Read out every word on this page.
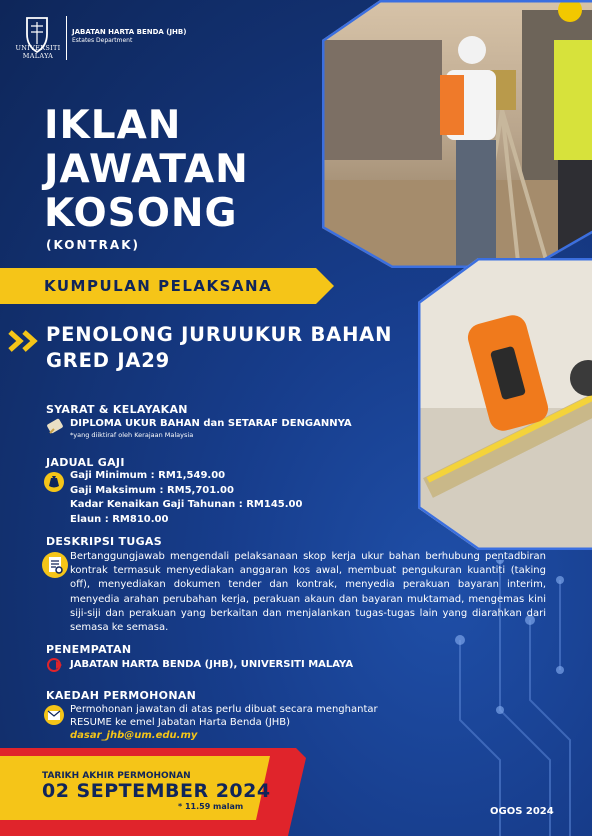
UNIVERSITI
MALAYA
JABATAN HARTA BENDA (JHB)
Estates Department
IKLAN
JAWATAN
KOSONG
(KONTRAK)
KUMPULAN PELAKSANA
PENOLONG JURUUKUR BAHAN
GRED JA29
SYARAT & KELAYAKAN
DIPLOMA UKUR BAHAN dan SETARAF DENGANNYA
*yang diiktiraf oleh Kerajaan Malaysia
JADUAL GAJI
Gaji Minimum : RM1,549.00
Gaji Maksimum : RM5,701.00
Kadar Kenaikan Gaji Tahunan : RM145.00
Elaun : RM810.00
DESKRIPSI TUGAS
Bertanggungjawab mengendali pelaksanaan skop kerja ukur bahan berhubung pentadbiran kontrak termasuk menyediakan anggaran kos awal, membuat pengukuran kuantiti (taking off), menyediakan dokumen tender dan kontrak, menyedia perakuan bayaran interim, menyedia arahan perubahan kerja, perakuan akaun dan bayaran muktamad, mengemas kini siji-siji dan perakuan yang berkaitan dan menjalankan tugas-tugas lain yang diarahkan dari semasa ke semasa.
PENEMPATAN
JABATAN HARTA BENDA (JHB), UNIVERSITI MALAYA
KAEDAH PERMOHONAN
Permohonan jawatan di atas perlu dibuat secara menghantar
RESUME ke emel Jabatan Harta Benda (JHB)
dasar_jhb@um.edu.my
TARIKH AKHIR PERMOHONAN
02 SEPTEMBER 2024
* 11.59 malam	OGOS 2024
